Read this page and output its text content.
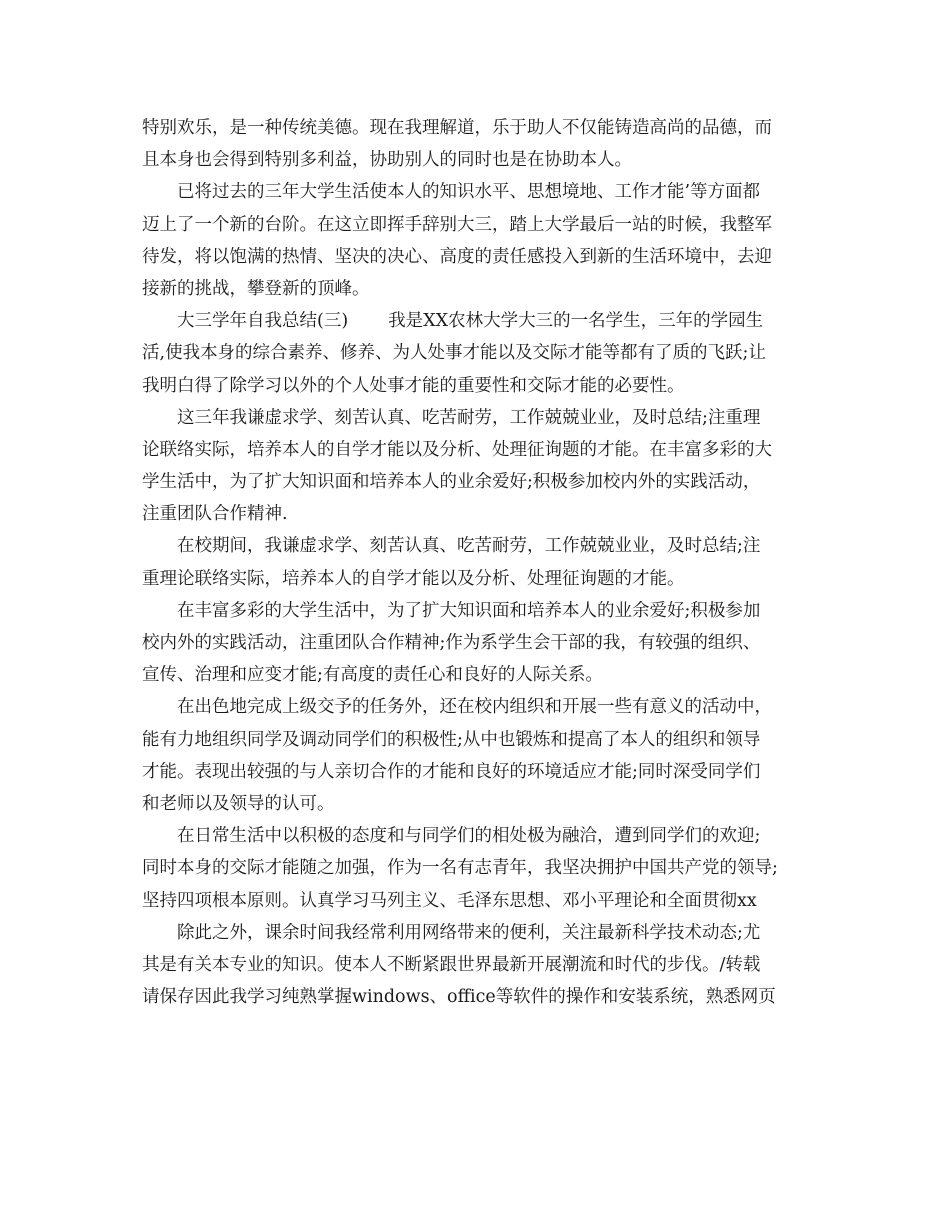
特别欢乐，是一种传统美德。现在我理解道，乐于助人不仅能铸造高尚的品德，而
且本身也会得到特别多利益，协助别人的同时也是在协助本人。
已将过去的三年大学生活使本人的知识水平、思想境地、工作才能’等方面都
迈上了一个新的台阶。在这立即挥手辞别大三，踏上大学最后一站的时候，我整军
待发，将以饱满的热情、坚决的决心、高度的责任感投入到新的生活环境中，去迎
接新的挑战，攀登新的顶峰。
大三学年自我总结(三) 我是XX农林大学大三的一名学生，三年的学园生
活,使我本身的综合素养、修养、为人处事才能以及交际才能等都有了质的飞跃;让
我明白得了除学习以外的个人处事才能的重要性和交际才能的必要性。
这三年我谦虚求学、刻苦认真、吃苦耐劳，工作兢兢业业，及时总结;注重理
论联络实际，培养本人的自学才能以及分析、处理征询题的才能。在丰富多彩的大
学生活中，为了扩大知识面和培养本人的业余爱好;积极参加校内外的实践活动，
注重团队合作精神.
在校期间，我谦虚求学、刻苦认真、吃苦耐劳，工作兢兢业业，及时总结;注
重理论联络实际，培养本人的自学才能以及分析、处理征询题的才能。
在丰富多彩的大学生活中，为了扩大知识面和培养本人的业余爱好;积极参加
校内外的实践活动，注重团队合作精神;作为系学生会干部的我，有较强的组织、
宣传、治理和应变才能;有高度的责任心和良好的人际关系。
在出色地完成上级交予的任务外，还在校内组织和开展一些有意义的活动中，
能有力地组织同学及调动同学们的积极性;从中也锻炼和提高了本人的组织和领导
才能。表现出较强的与人亲切合作的才能和良好的环境适应才能;同时深受同学们
和老师以及领导的认可。
在日常生活中以积极的态度和与同学们的相处极为融洽，遭到同学们的欢迎;
同时本身的交际才能随之加强，作为一名有志青年，我坚决拥护中国共产党的领导;
坚持四项根本原则。认真学习马列主义、毛泽东思想、邓小平理论和全面贯彻xx
除此之外，课余时间我经常利用网络带来的便利，关注最新科学技术动态;尤
其是有关本专业的知识。使本人不断紧跟世界最新开展潮流和时代的步伐。/转载
请保存因此我学习纯熟掌握windows、office等软件的操作和安装系统，熟悉网页
